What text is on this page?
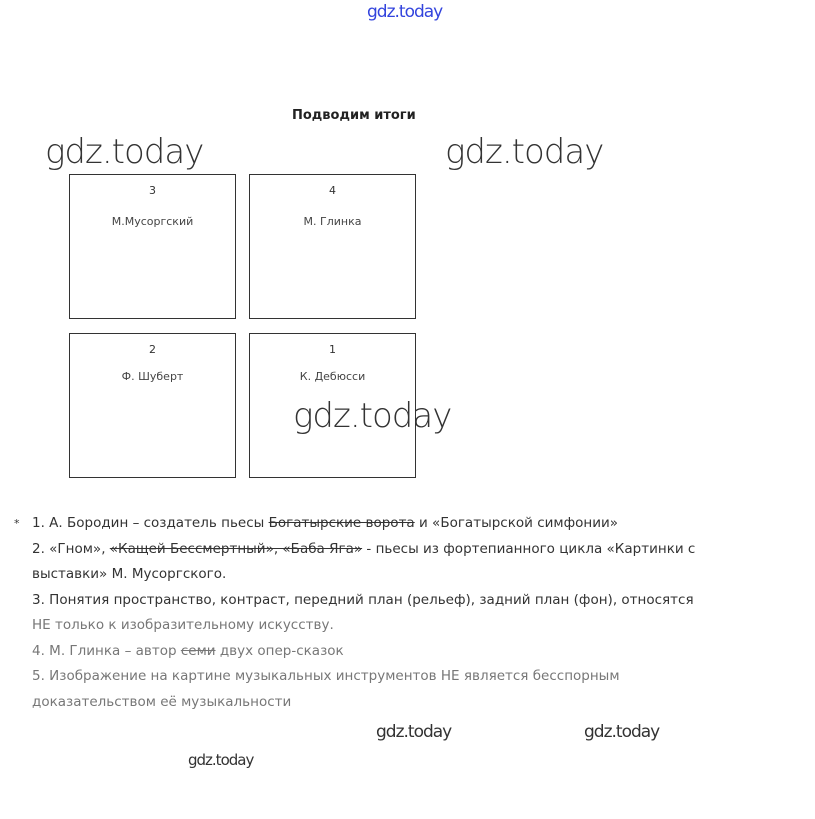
gdz.today
Подводим итоги
3
М.Мусоргский
4
М. Глинка
2
Ф. Шуберт
1
К. Дебюсси
gdz.today	gdz.today
gdz.today
* 1. А. Бородин – создатель пьесы Богатырские ворота и «Богатырской симфонии»
2. «Гном», «Кащей Бессмертный», «Баба Яга» - пьесы из фортепианного цикла «Картинки с
выставки» М. Мусоргского.
3. Понятия пространство, контраст, передний план (рельеф), задний план (фон), относятся
НЕ только к изобразительному искусству.
4. М. Глинка – автор семи двух опер-сказок
5. Изображение на картине музыкальных инструментов НЕ является бесспорным
доказательством её музыкальности
gdz.today	gdz.today
gdz.today
